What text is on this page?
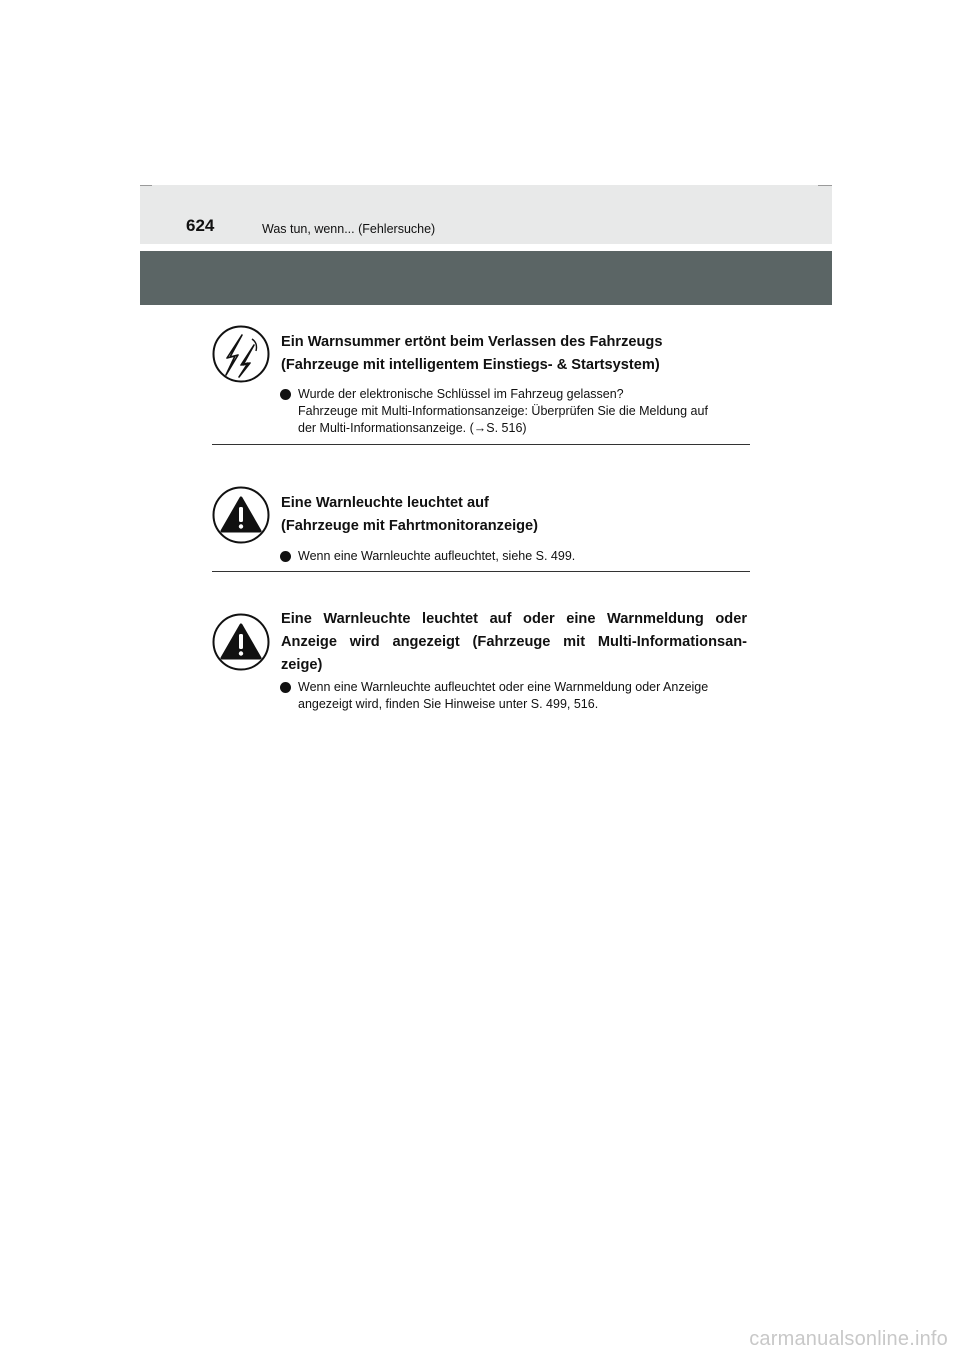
624	Was tun, wenn... (Fehlersuche)
Ein Warnsummer ertönt beim Verlassen des Fahrzeugs
(Fahrzeuge mit intelligentem Einstiegs- & Startsystem)
Wurde der elektronische Schlüssel im Fahrzeug gelassen?
Fahrzeuge mit Multi-Informationsanzeige: Überprüfen Sie die Meldung auf
der Multi-Informationsanzeige. (→S. 516)
Eine Warnleuchte leuchtet auf
(Fahrzeuge mit Fahrtmonitoranzeige)
Wenn eine Warnleuchte aufleuchtet, siehe S. 499.
Eine Warnleuchte leuchtet auf oder eine Warnmeldung oder
Anzeige wird angezeigt (Fahrzeuge mit Multi-Informationsan-
zeige)
Wenn eine Warnleuchte aufleuchtet oder eine Warnmeldung oder Anzeige
angezeigt wird, finden Sie Hinweise unter S. 499, 516.
carmanualsonline.info
